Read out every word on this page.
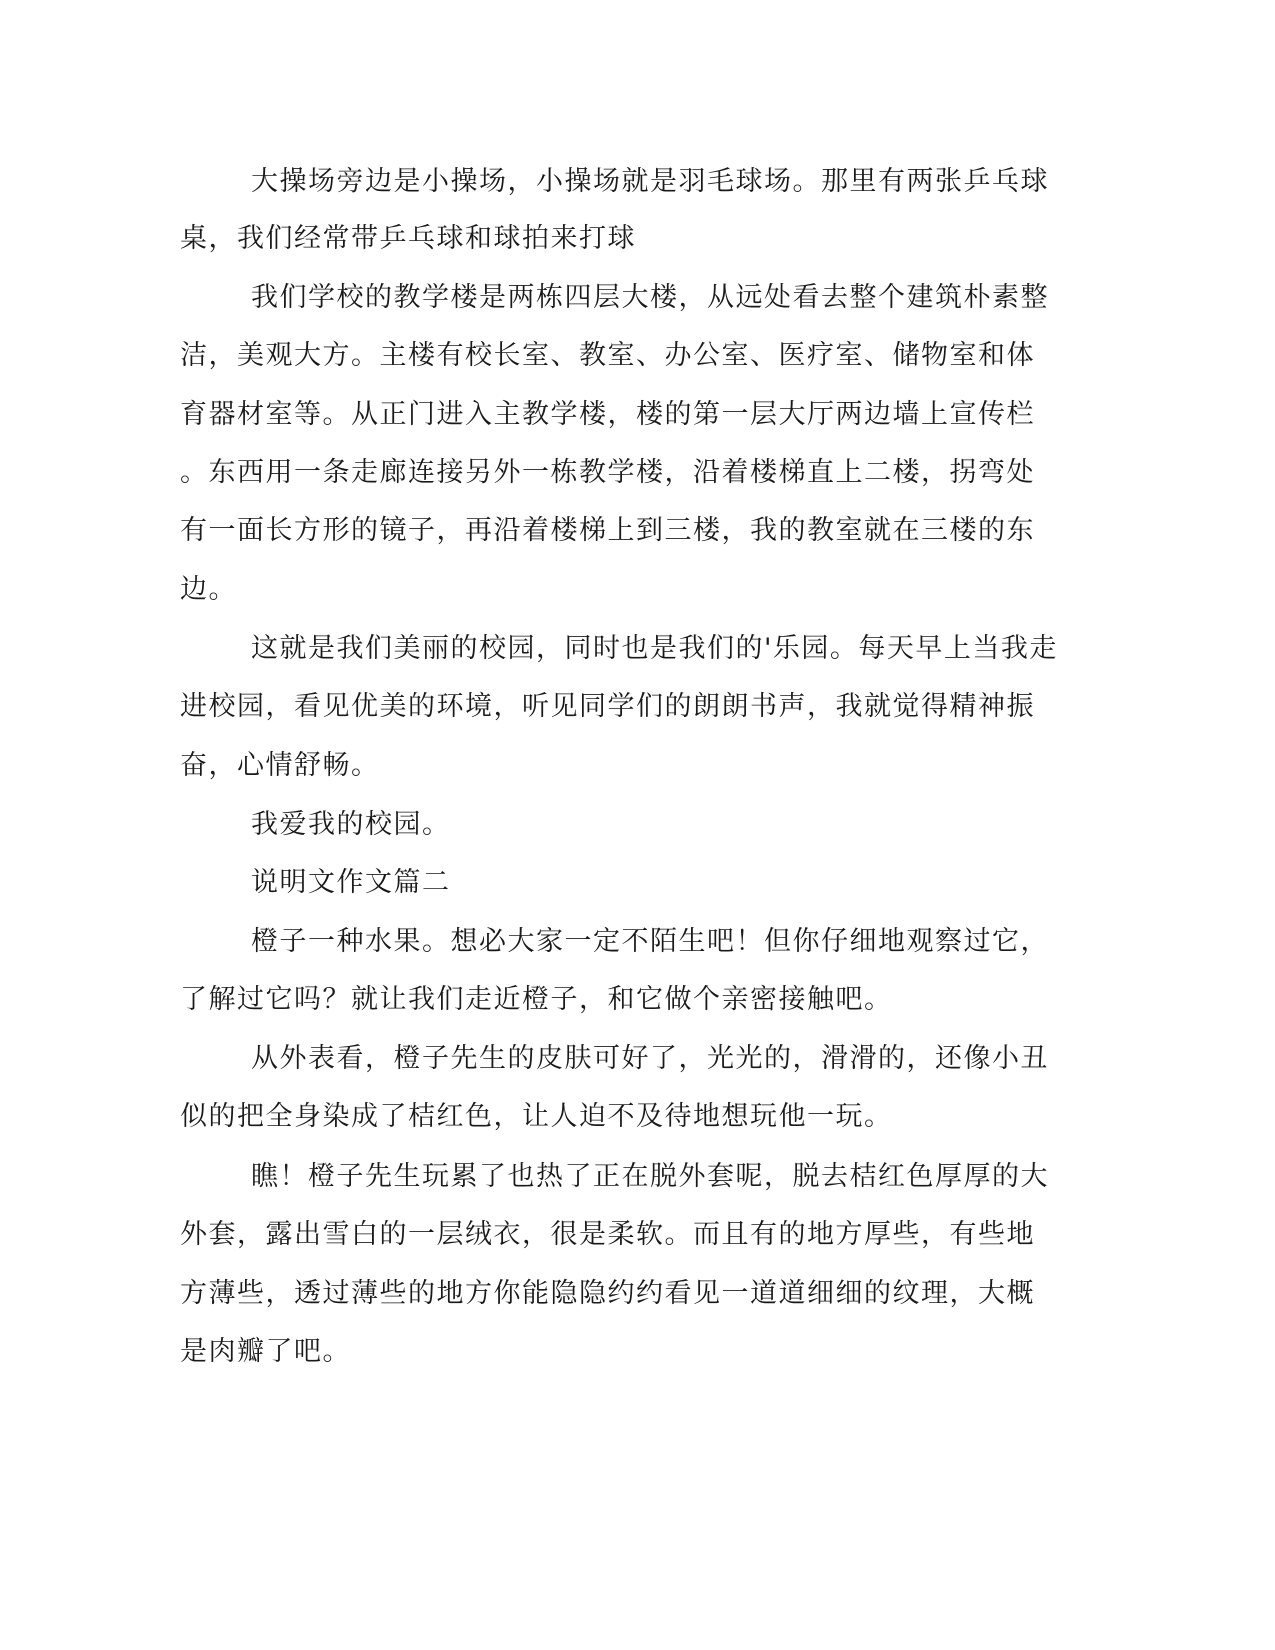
大操场旁边是小操场，小操场就是羽毛球场。那里有两张乒乓球

桌，我们经常带乒乓球和球拍来打球

我们学校的教学楼是两栋四层大楼，从远处看去整个建筑朴素整

洁，美观大方。主楼有校长室、教室、办公室、医疗室、储物室和体

育器材室等。从正门进入主教学楼，楼的第一层大厅两边墙上宣传栏

。东西用一条走廊连接另外一栋教学楼，沿着楼梯直上二楼，拐弯处

有一面长方形的镜子，再沿着楼梯上到三楼，我的教室就在三楼的东

边。

这就是我们美丽的校园，同时也是我们的'乐园。每天早上当我走

进校园，看见优美的环境，听见同学们的朗朗书声，我就觉得精神振

奋，心情舒畅。

我爱我的校园。

说明文作文篇二

橙子一种水果。想必大家一定不陌生吧！但你仔细地观察过它，

了解过它吗？就让我们走近橙子，和它做个亲密接触吧。

从外表看，橙子先生的皮肤可好了，光光的，滑滑的，还像小丑

似的把全身染成了桔红色，让人迫不及待地想玩他一玩。

瞧！橙子先生玩累了也热了正在脱外套呢，脱去桔红色厚厚的大

外套，露出雪白的一层绒衣，很是柔软。而且有的地方厚些，有些地

方薄些，透过薄些的地方你能隐隐约约看见一道道细细的纹理，大概

是肉瓣了吧。
